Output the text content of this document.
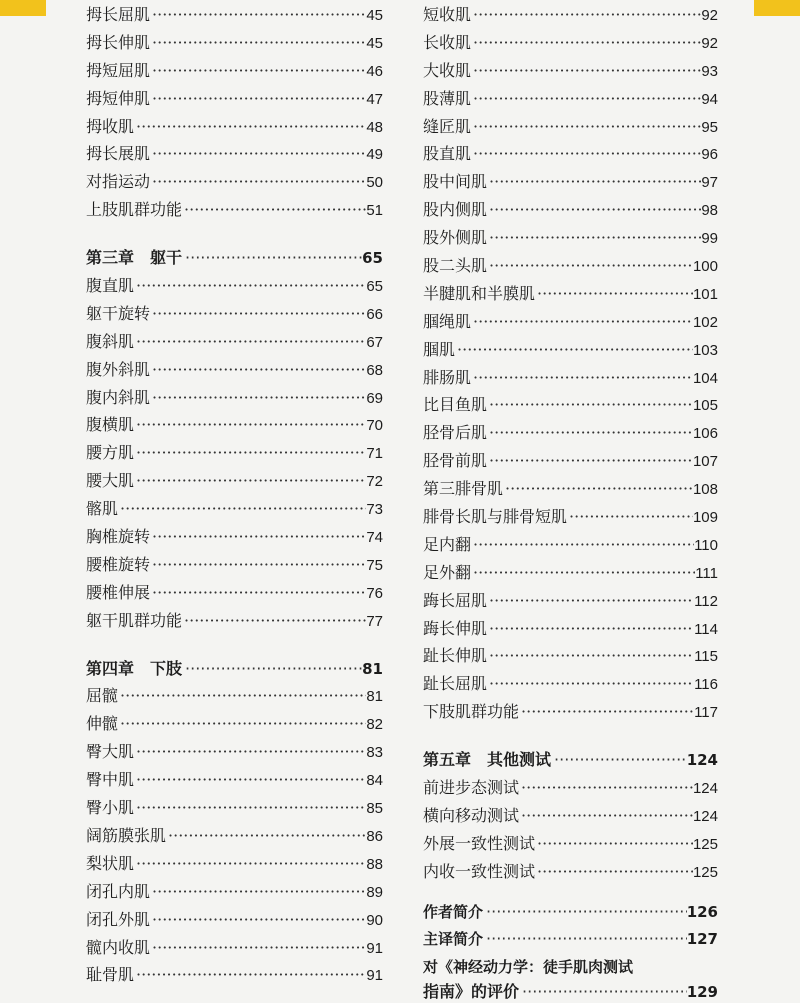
拇长屈肌 ·····	45
拇长伸肌 ·····	45
拇短屈肌 ·····	46
拇短伸肌 ·····	47
拇收肌 ·····	48
拇长展肌 ·····	49
对指运动 ·····	50
上肢肌群功能 ·····	51
第三章　躯干 ·····	65
腹直肌 ·····	65
躯干旋转 ·····	66
腹斜肌 ·····	67
腹外斜肌 ·····	68
腹内斜肌 ·····	69
腹横肌 ·····	70
腰方肌 ·····	71
腰大肌 ·····	72
髂肌 ·····	73
胸椎旋转 ·····	74
腰椎旋转 ·····	75
腰椎伸展 ·····	76
躯干肌群功能 ·····	77
第四章　下肢 ·····	81
屈髋 ·····	81
伸髋 ·····	82
臀大肌 ·····	83
臀中肌 ·····	84
臀小肌 ·····	85
阔筋膜张肌 ·····	86
梨状肌 ·····	88
闭孔内肌 ·····	89
闭孔外肌 ·····	90
髋内收肌 ·····	91
耻骨肌 ·····	91
短收肌 ·····	92
长收肌 ·····	92
大收肌 ·····	93
股薄肌 ·····	94
缝匠肌 ·····	95
股直肌 ·····	96
股中间肌 ·····	97
股内侧肌 ·····	98
股外侧肌 ·····	99
股二头肌 ·····	100
半腱肌和半膜肌 ·····	101
腘绳肌 ·····	102
腘肌 ·····	103
腓肠肌 ·····	104
比目鱼肌 ·····	105
胫骨后肌 ·····	106
胫骨前肌 ·····	107
第三腓骨肌 ·····	108
腓骨长肌与腓骨短肌 ·····	109
足内翻 ·····	110
足外翻 ·····	111
踇长屈肌 ·····	112
踇长伸肌 ·····	114
趾长伸肌 ·····	115
趾长屈肌 ·····	116
下肢肌群功能 ·····	117
第五章　其他测试 ·····	124
前进步态测试 ·····	124
横向移动测试 ·····	124
外展一致性测试 ·····	125
内收一致性测试 ·····	125
作者简介 ·····	126
主译简介 ·····	127
对《神经动力学：徒手肌肉测试
指南》的评价 ·····	129
